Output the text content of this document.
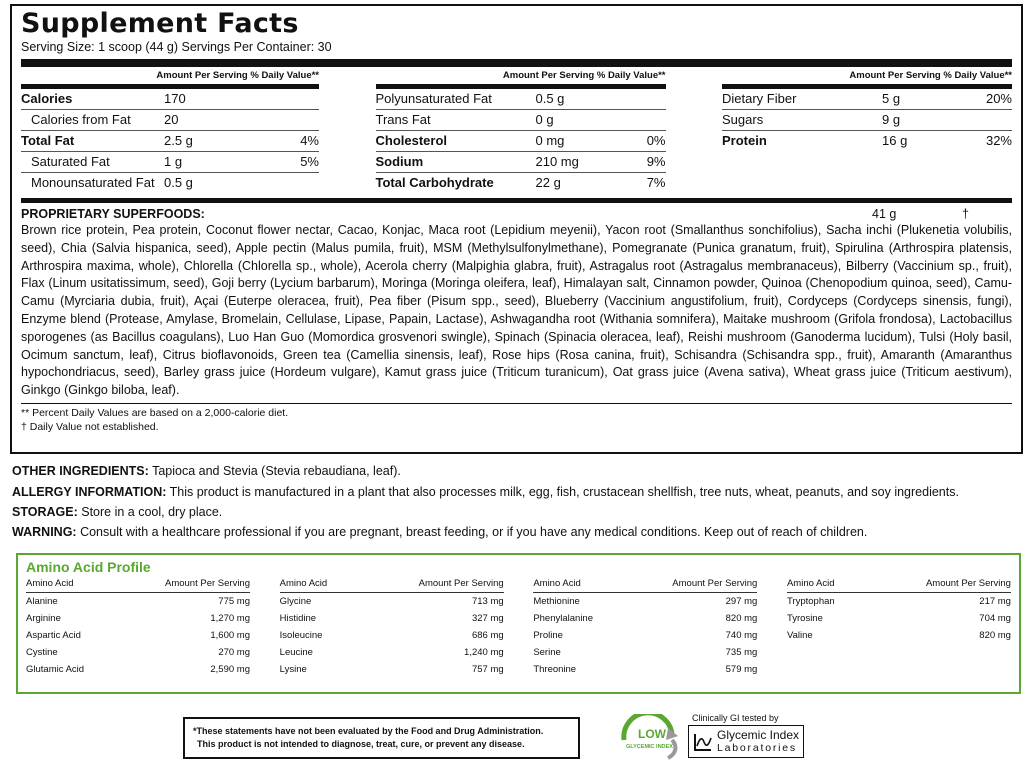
Supplement Facts
Serving Size: 1 scoop (44 g) Servings Per Container: 30
Amount Per Serving % Daily Value**
Calories	170
Calories from Fat	20
Total Fat	2.5 g	4%
Saturated Fat	1 g	5%
Monounsaturated Fat 0.5 g
Amount Per Serving % Daily Value**
Polyunsaturated Fat	0.5 g
Trans Fat	0 g
Cholesterol	0 mg	0%
Sodium	210 mg	9%
Total Carbohydrate	22 g	7%
Amount Per Serving % Daily Value**
Dietary Fiber	5 g	20%
Sugars	9 g
Protein	16 g	32%
PROPRIETARY SUPERFOODS:	41 g	†
Brown rice protein, Pea protein, Coconut flower nectar, Cacao, Konjac, Maca root (Lepidium meyenii), Yacon root (Smallanthus sonchifolius), Sacha inchi (Plukenetia volubilis, seed), Chia (Salvia hispanica, seed), Apple pectin (Malus pumila, fruit), MSM (Methylsulfonylmethane), Pomegranate (Punica granatum, fruit), Spirulina (Arthrospira platensis, Arthrospira maxima, whole), Chlorella (Chlorella sp., whole), Acerola cherry (Malpighia glabra, fruit), Astragalus root (Astragalus membranaceus), Bilberry (Vaccinium sp., fruit), Flax (Linum usitatissimum, seed), Goji berry (Lycium barbarum), Moringa (Moringa oleifera, leaf), Himalayan salt, Cinnamon powder, Quinoa (Chenopodium quinoa, seed), Camu-Camu (Myrciaria dubia, fruit), Açai (Euterpe oleracea, fruit), Pea fiber (Pisum spp., seed), Blueberry (Vaccinium angustifolium, fruit), Cordyceps (Cordyceps sinensis, fungi), Enzyme blend (Protease, Amylase, Bromelain, Cellulase, Lipase, Papain, Lactase), Ashwagandha root (Withania somnifera), Maitake mushroom (Grifola frondosa), Lactobacillus sporogenes (as Bacillus coagulans), Luo Han Guo (Momordica grosvenori swingle), Spinach (Spinacia oleracea, leaf), Reishi mushroom (Ganoderma lucidum), Tulsi (Holy basil, Ocimum sanctum, leaf), Citrus bioflavonoids, Green tea (Camellia sinensis, leaf), Rose hips (Rosa canina, fruit), Schisandra (Schisandra spp., fruit), Amaranth (Amaranthus hypochondriacus, seed), Barley grass juice (Hordeum vulgare), Kamut grass juice (Triticum turanicum), Oat grass juice (Avena sativa), Wheat grass juice (Triticum aestivum), Ginkgo (Ginkgo biloba, leaf).
** Percent Daily Values are based on a 2,000-calorie diet.
† Daily Value not established.
OTHER INGREDIENTS: Tapioca and Stevia (Stevia rebaudiana, leaf).
ALLERGY INFORMATION: This product is manufactured in a plant that also processes milk, egg, fish, crustacean shellfish, tree nuts, wheat, peanuts, and soy ingredients.
STORAGE: Store in a cool, dry place.
WARNING: Consult with a healthcare professional if you are pregnant, breast feeding, or if you have any medical conditions. Keep out of reach of children.
Amino Acid Profile
Amino Acid	Amount Per Serving
Alanine	775 mg
Arginine	1,270 mg
Aspartic Acid	1,600 mg
Cystine	270 mg
Glutamic Acid	2,590 mg
Amino Acid	Amount Per Serving
Glycine	713 mg
Histidine	327 mg
Isoleucine	686 mg
Leucine	1,240 mg
Lysine	757 mg
Amino Acid	Amount Per Serving
Methionine	297 mg
Phenylalanine	820 mg
Proline	740 mg
Serine	735 mg
Threonine	579 mg
Amino Acid	Amount Per Serving
Tryptophan	217 mg
Tyrosine	704 mg
Valine	820 mg
*These statements have not been evaluated by the Food and Drug Administration.
This product is not intended to diagnose, treat, cure, or prevent any disease.
LOW
GLYCEMIC INDEX
Clinically GI tested by
Glycemic Index
Laboratories
